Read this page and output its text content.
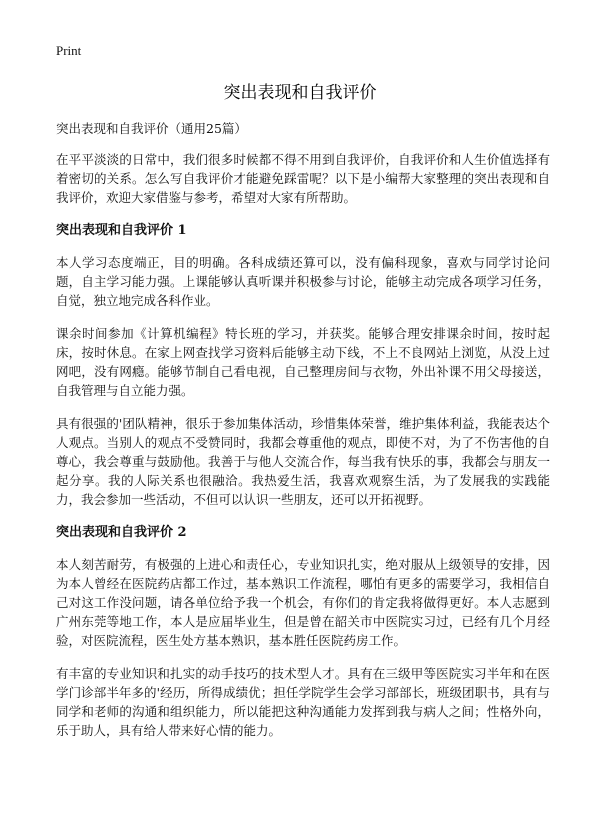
Print
突出表现和自我评价
突出表现和自我评价（通用25篇）

在平平淡淡的日常中，我们很多时候都不得不用到自我评价，自我评价和人生价值选择有着密切的关系。怎么写自我评价才能避免踩雷呢？以下是小编帮大家整理的突出表现和自我评价，欢迎大家借鉴与参考，希望对大家有所帮助。

突出表现和自我评价 1

本人学习态度端正，目的明确。各科成绩还算可以，没有偏科现象，喜欢与同学讨论问题，自主学习能力强。上课能够认真听课并积极参与讨论，能够主动完成各项学习任务，自觉，独立地完成各科作业。

课余时间参加《计算机编程》特长班的学习，并获奖。能够合理安排课余时间，按时起床，按时休息。在家上网查找学习资料后能够主动下线，不上不良网站上浏览，从没上过网吧，没有网瘾。能够节制自己看电视，自己整理房间与衣物，外出补课不用父母接送，自我管理与自立能力强。

具有很强的'团队精神，很乐于参加集体活动，珍惜集体荣誉，维护集体利益，我能表达个人观点。当别人的观点不受赞同时，我都会尊重他的观点，即使不对，为了不伤害他的自尊心，我会尊重与鼓励他。我善于与他人交流合作，每当我有快乐的事，我都会与朋友一起分享。我的人际关系也很融洽。我热爱生活，我喜欢观察生活，为了发展我的实践能力，我会参加一些活动，不但可以认识一些朋友，还可以开拓视野。

突出表现和自我评价 2

本人刻苦耐劳，有极强的上进心和责任心，专业知识扎实，绝对服从上级领导的安排，因为本人曾经在医院药店都工作过，基本熟识工作流程，哪怕有更多的需要学习，我相信自己对这工作没问题，请各单位给予我一个机会，有你们的肯定我将做得更好。本人志愿到广州东莞等地工作，本人是应届毕业生，但是曾在韶关市中医院实习过，已经有几个月经验，对医院流程，医生处方基本熟识，基本胜任医院药房工作。

有丰富的专业知识和扎实的动手技巧的技术型人才。具有在三级甲等医院实习半年和在医学门诊部半年多的'经历，所得成绩优；担任学院学生会学习部部长，班级团职书，具有与同学和老师的沟通和组织能力，所以能把这种沟通能力发挥到我与病人之间；性格外向，乐于助人，具有给人带来好心情的能力。
